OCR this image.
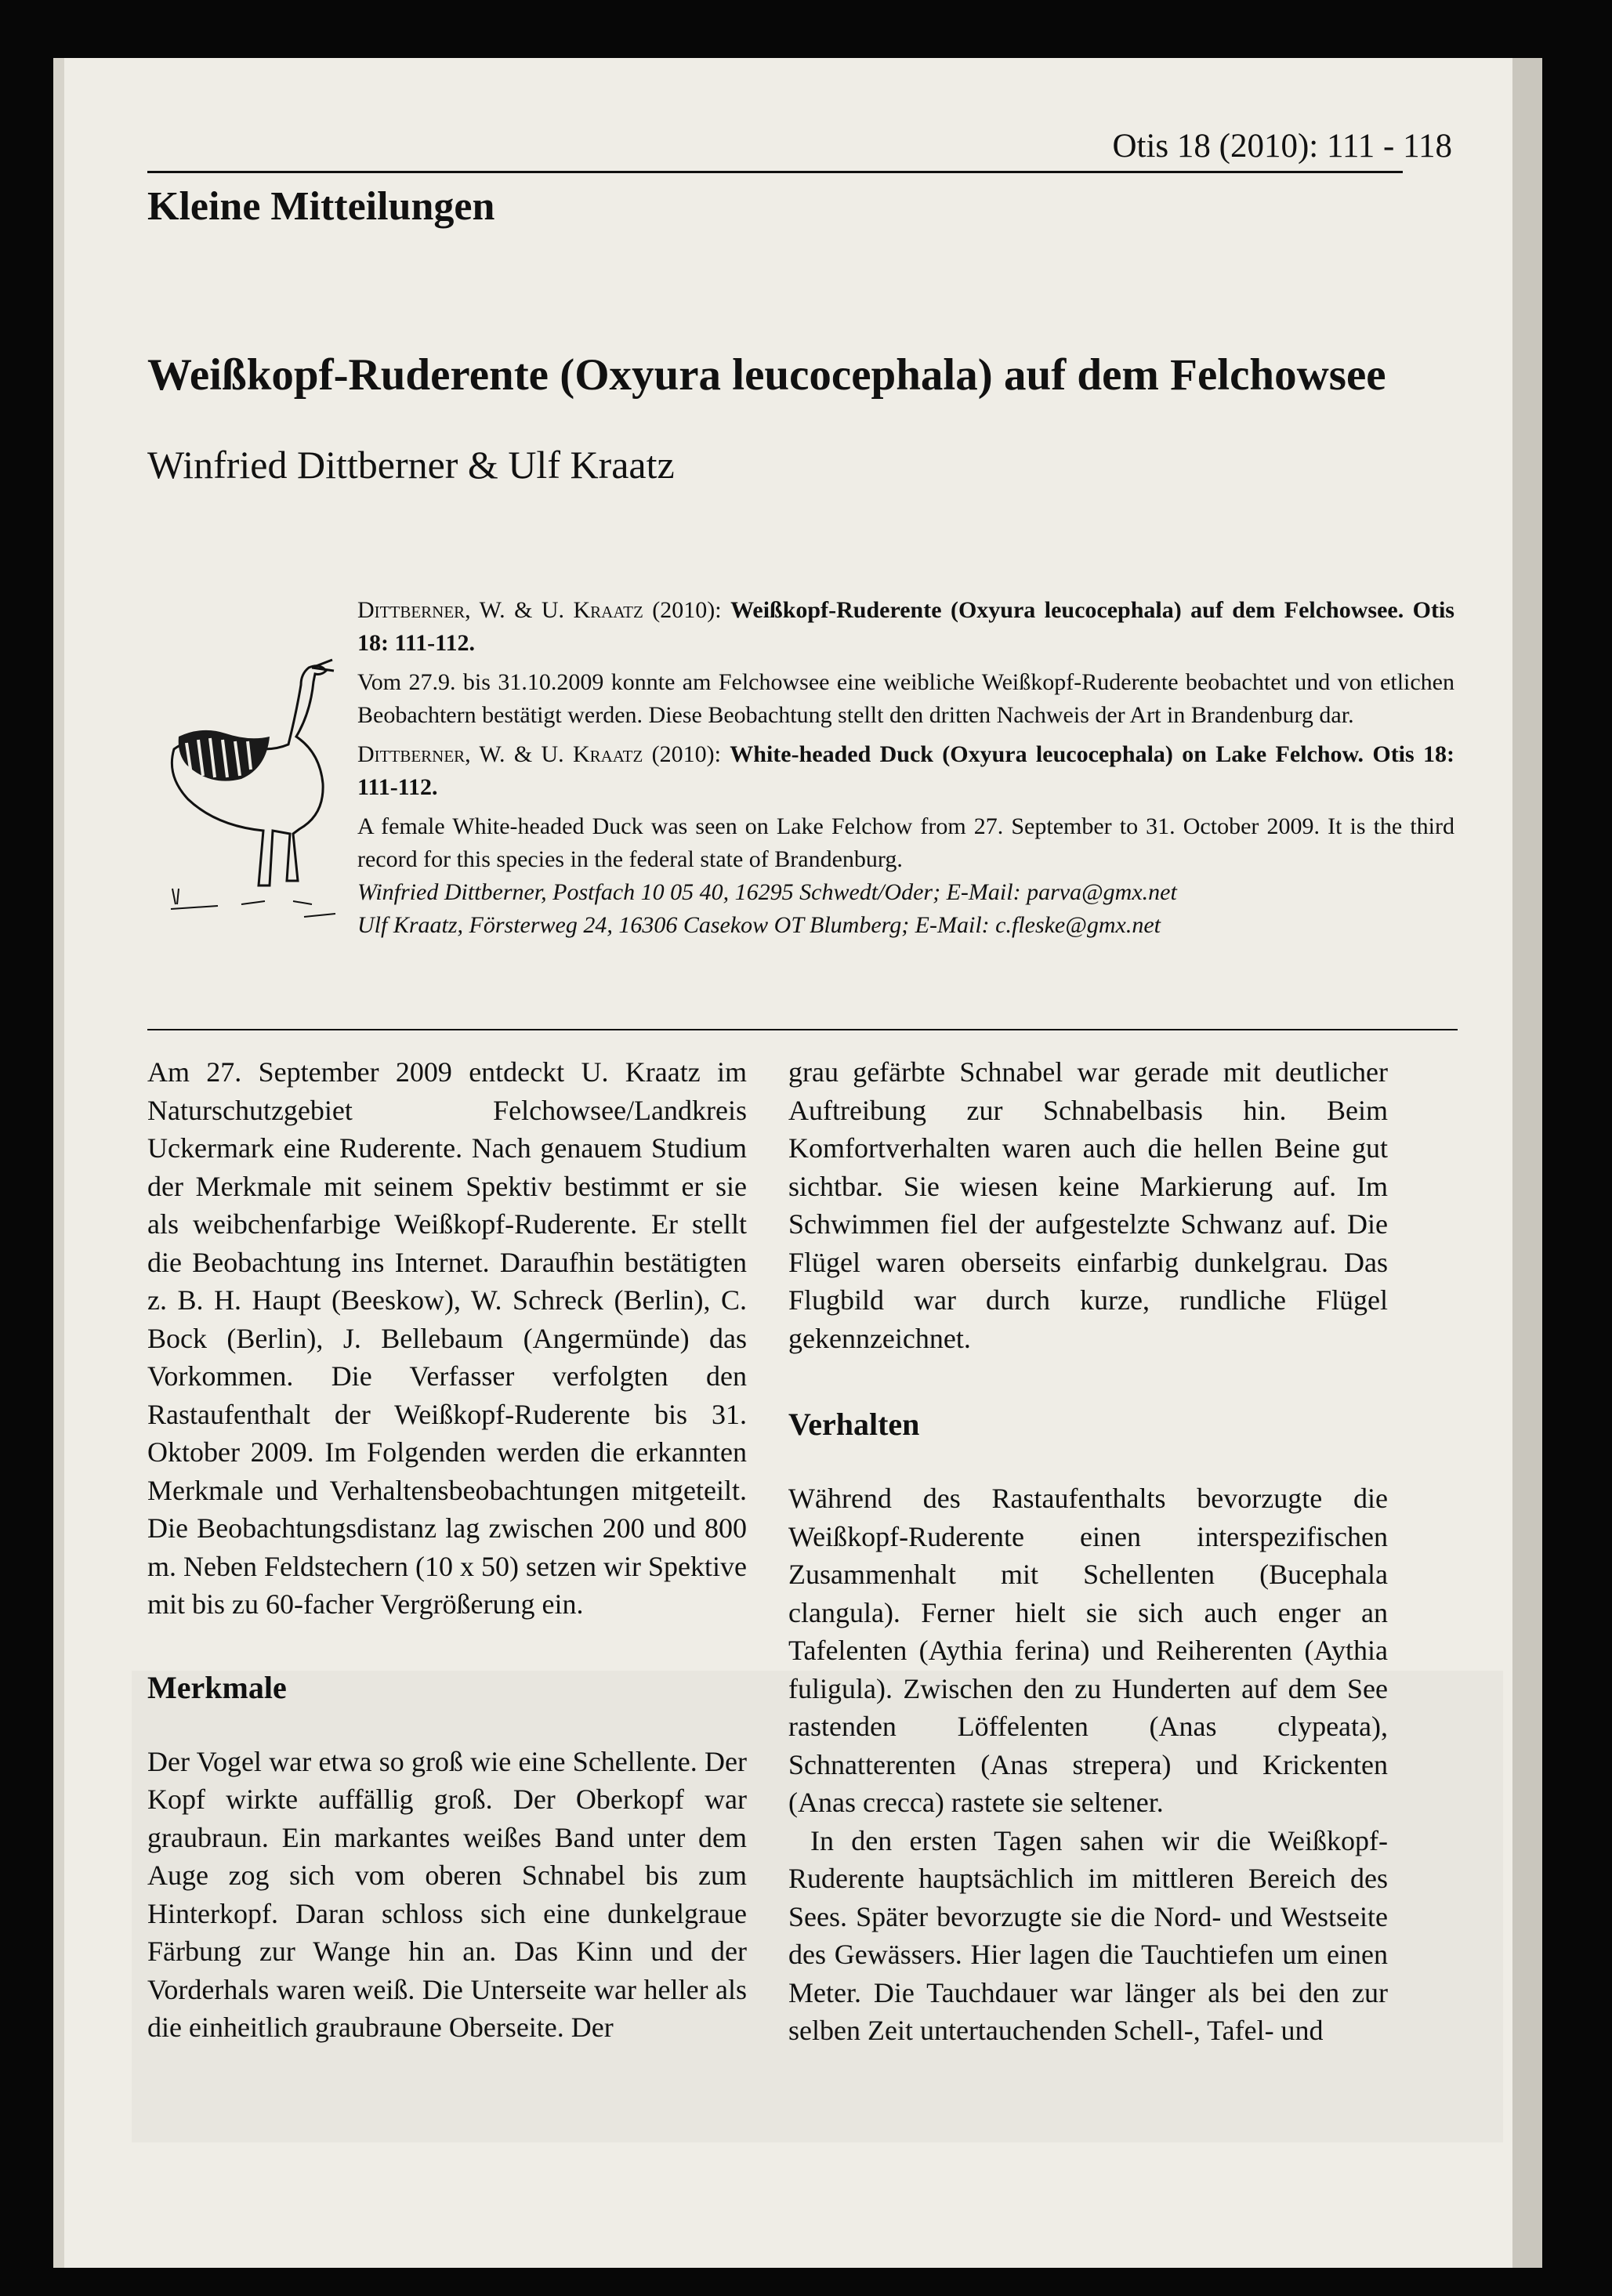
Otis 18 (2010): 111 - 118
Kleine Mitteilungen
Weißkopf-Ruderente (Oxyura leucocephala) auf dem Felchowsee
Winfried Dittberner & Ulf Kraatz

Dittberner, W. & U. Kraatz (2010): Weißkopf-Ruderente (Oxyura leucocephala) auf dem Felchowsee. Otis 18: 111-112.

Vom 27.9. bis 31.10.2009 konnte am Felchowsee eine weibliche Weißkopf-Ruderente beobachtet und von etlichen Beobachtern bestätigt werden. Diese Beobachtung stellt den dritten Nachweis der Art in Brandenburg dar.

Dittberner, W. & U. Kraatz (2010): White-headed Duck (Oxyura leucocephala) on Lake Felchow. Otis 18: 111-112.

A female White-headed Duck was seen on Lake Felchow from 27. September to 31. October 2009. It is the third record for this species in the federal state of Brandenburg.

Winfried Dittberner, Postfach 10 05 40, 16295 Schwedt/Oder; E-Mail: parva@gmx.net

Ulf Kraatz, Försterweg 24, 16306 Casekow OT Blumberg; E-Mail: c.fleske@gmx.net

Am 27. September 2009 entdeckt U. Kraatz im Naturschutzgebiet Felchowsee/Landkreis Uckermark eine Ruderente. Nach genauem Studium der Merkmale mit seinem Spektiv bestimmt er sie als weibchenfarbige Weißkopf-Ruderente. Er stellt die Beobachtung ins Internet. Daraufhin bestätigten z. B. H. Haupt (Beeskow), W. Schreck (Berlin), C. Bock (Berlin), J. Bellebaum (Angermünde) das Vorkommen. Die Verfasser verfolgten den Rastaufenthalt der Weißkopf-Ruderente bis 31. Oktober 2009. Im Folgenden werden die erkannten Merkmale und Verhaltensbeobachtungen mitgeteilt. Die Beobachtungsdistanz lag zwischen 200 und 800 m. Neben Feldstechern (10 x 50) setzen wir Spektive mit bis zu 60-facher Vergrößerung ein.

Merkmale

Der Vogel war etwa so groß wie eine Schellente. Der Kopf wirkte auffällig groß. Der Oberkopf war graubraun. Ein markantes weißes Band unter dem Auge zog sich vom oberen Schnabel bis zum Hinterkopf. Daran schloss sich eine dunkelgraue Färbung zur Wange hin an. Das Kinn und der Vorderhals waren weiß. Die Unterseite war heller als die einheitlich graubraune Oberseite. Der

grau gefärbte Schnabel war gerade mit deutlicher Auftreibung zur Schnabelbasis hin. Beim Komfortverhalten waren auch die hellen Beine gut sichtbar. Sie wiesen keine Markierung auf. Im Schwimmen fiel der aufgestelzte Schwanz auf. Die Flügel waren oberseits einfarbig dunkelgrau. Das Flugbild war durch kurze, rundliche Flügel gekennzeichnet.

Verhalten

Während des Rastaufenthalts bevorzugte die Weißkopf-Ruderente einen interspezifischen Zusammenhalt mit Schellenten (Bucephala clangula). Ferner hielt sie sich auch enger an Tafelenten (Aythia ferina) und Reiherenten (Aythia fuligula). Zwischen den zu Hunderten auf dem See rastenden Löffelenten (Anas clypeata), Schnatterenten (Anas strepera) und Krickenten (Anas crecca) rastete sie seltener.

In den ersten Tagen sahen wir die Weißkopf-Ruderente hauptsächlich im mittleren Bereich des Sees. Später bevorzugte sie die Nord- und Westseite des Gewässers. Hier lagen die Tauchtiefen um einen Meter. Die Tauchdauer war länger als bei den zur selben Zeit untertauchenden Schell-, Tafel- und
